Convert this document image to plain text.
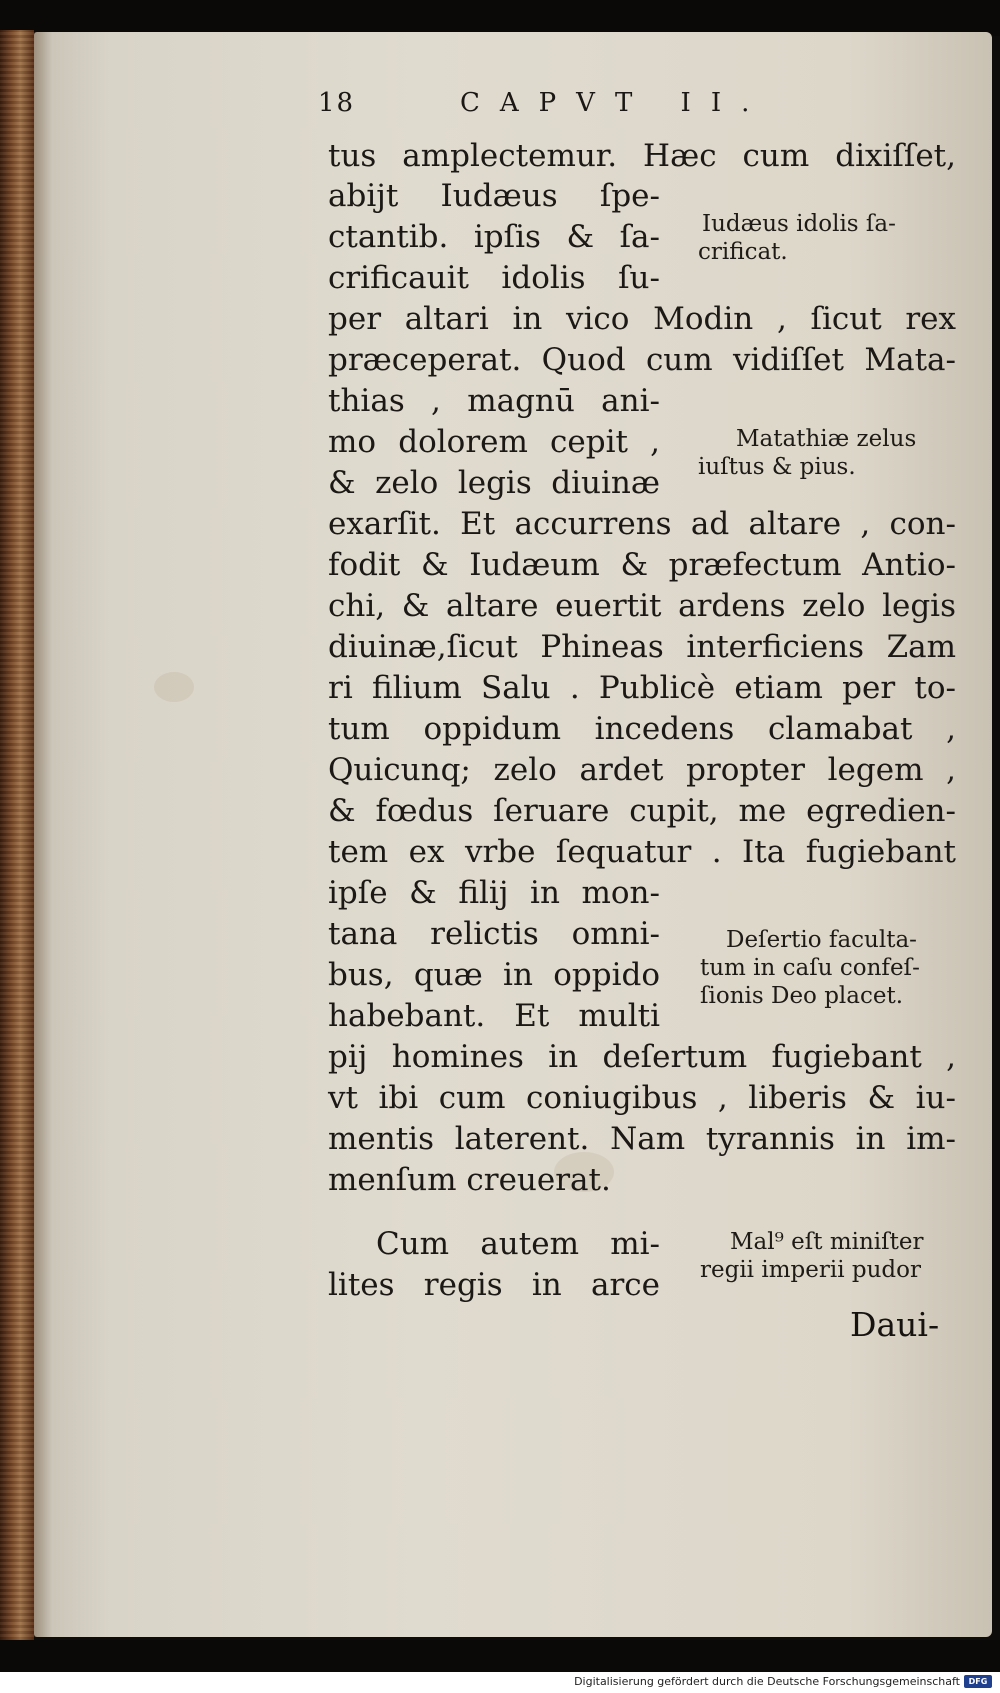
18	CAPVT II.
tus amplectemur. Hæc cum dixiſſet,
abijt Iudæus ſpe-
ctantib. ipſis & ſa-
crificauit idolis ſu-
per altari in vico Modin , ſicut rex
præceperat. Quod cum vidiſſet Mata-
thias , magnū ani-
mo dolorem cepit ,
& zelo legis diuinæ
exarſit. Et accurrens ad altare , con-
fodit & Iudæum & præfectum Antio-
chi, & altare euertit ardens zelo legis
diuinæ,ſicut Phineas interficiens Zam
ri filium Salu . Publicè etiam per to-
tum oppidum incedens clamabat ,
Quicunq; zelo ardet propter legem ,
& fœdus ſeruare cupit, me egredien-
tem ex vrbe ſequatur . Ita fugiebant
ipſe & filij in mon-
tana relictis omni-
bus, quæ in oppido
habebant. Et multi
pij homines in deſertum fugiebant ,
vt ibi cum coniugibus , liberis & iu-
mentis laterent. Nam tyrannis in im-
menſum creuerat.
Cum autem mi-
lites regis in arce
Iudæus idolis ſa-
crificat.
Matathiæ zelus
iuſtus & pius.
Deſertio faculta-
tum in caſu confeſ-
ſionis Deo placet.
Mal⁹ eſt miniſter
regii imperii pudor
Daui-
Digitalisierung gefördert durch die Deutsche Forschungsgemeinschaft	DFG
